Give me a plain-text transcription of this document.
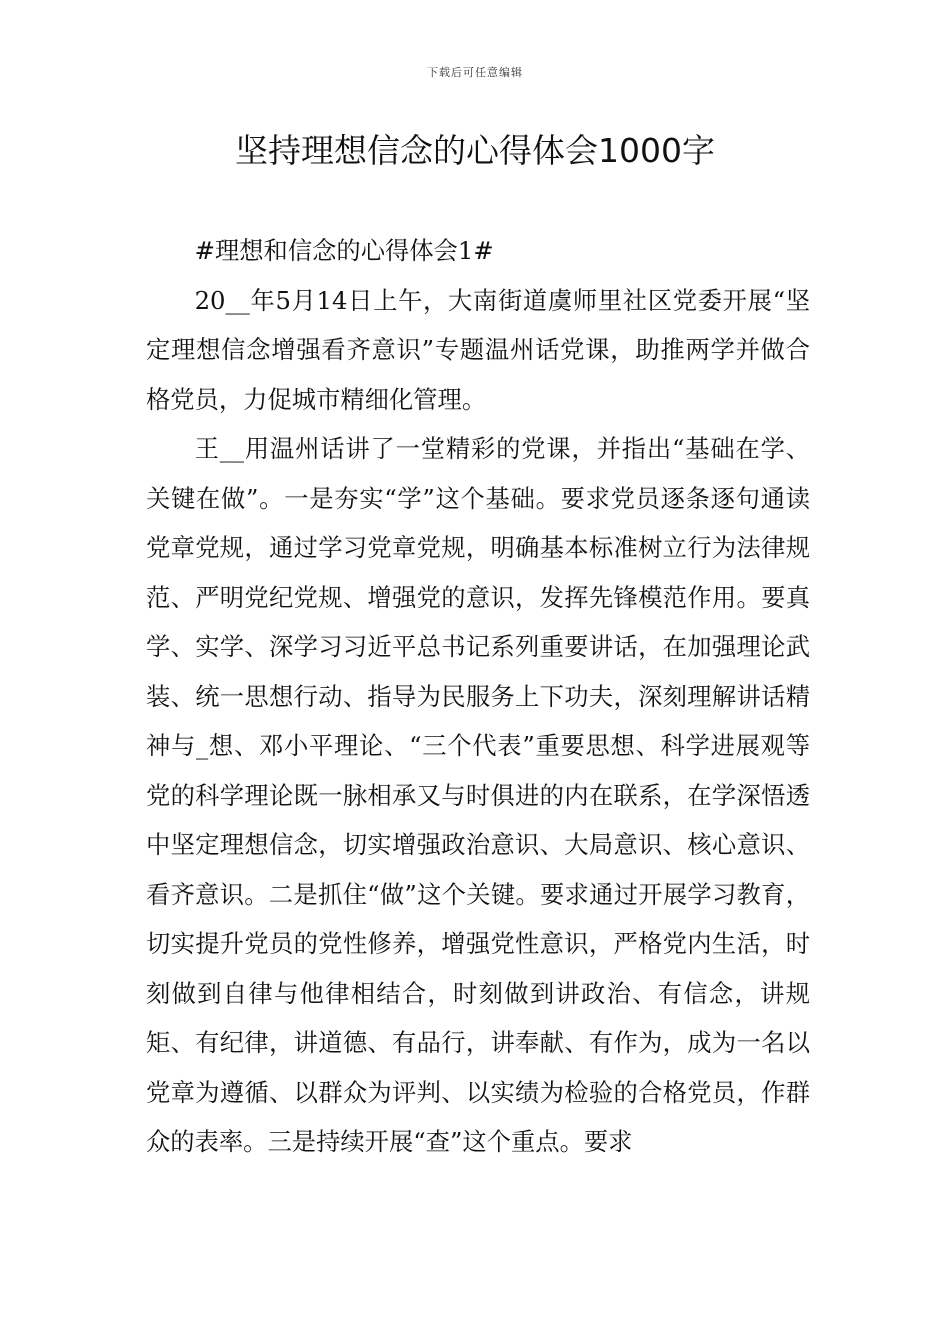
下载后可任意编辑
坚持理想信念的心得体会1000字

#理想和信念的心得体会1#

20__年5月14日上午，大南街道虞师里社区党委开展“坚定理想信念增强看齐意识”专题温州话党课，助推两学并做合格党员，力促城市精细化管理。

王__用温州话讲了一堂精彩的党课，并指出“基础在学、关键在做”。一是夯实“学”这个基础。要求党员逐条逐句通读党章党规，通过学习党章党规，明确基本标准树立行为法律规范、严明党纪党规、增强党的意识，发挥先锋模范作用。要真学、实学、深学习习近平总书记系列重要讲话，在加强理论武装、统一思想行动、指导为民服务上下功夫，深刻理解讲话精神与_想、邓小平理论、“三个代表”重要思想、科学进展观等党的科学理论既一脉相承又与时俱进的内在联系，在学深悟透中坚定理想信念，切实增强政治意识、大局意识、核心意识、看齐意识。二是抓住“做”这个关键。要求通过开展学习教育，切实提升党员的党性修养，增强党性意识，严格党内生活，时刻做到自律与他律相结合，时刻做到讲政治、有信念，讲规矩、有纪律，讲道德、有品行，讲奉献、有作为，成为一名以党章为遵循、以群众为评判、以实绩为检验的合格党员，作群众的表率。三是持续开展“查”这个重点。要求
